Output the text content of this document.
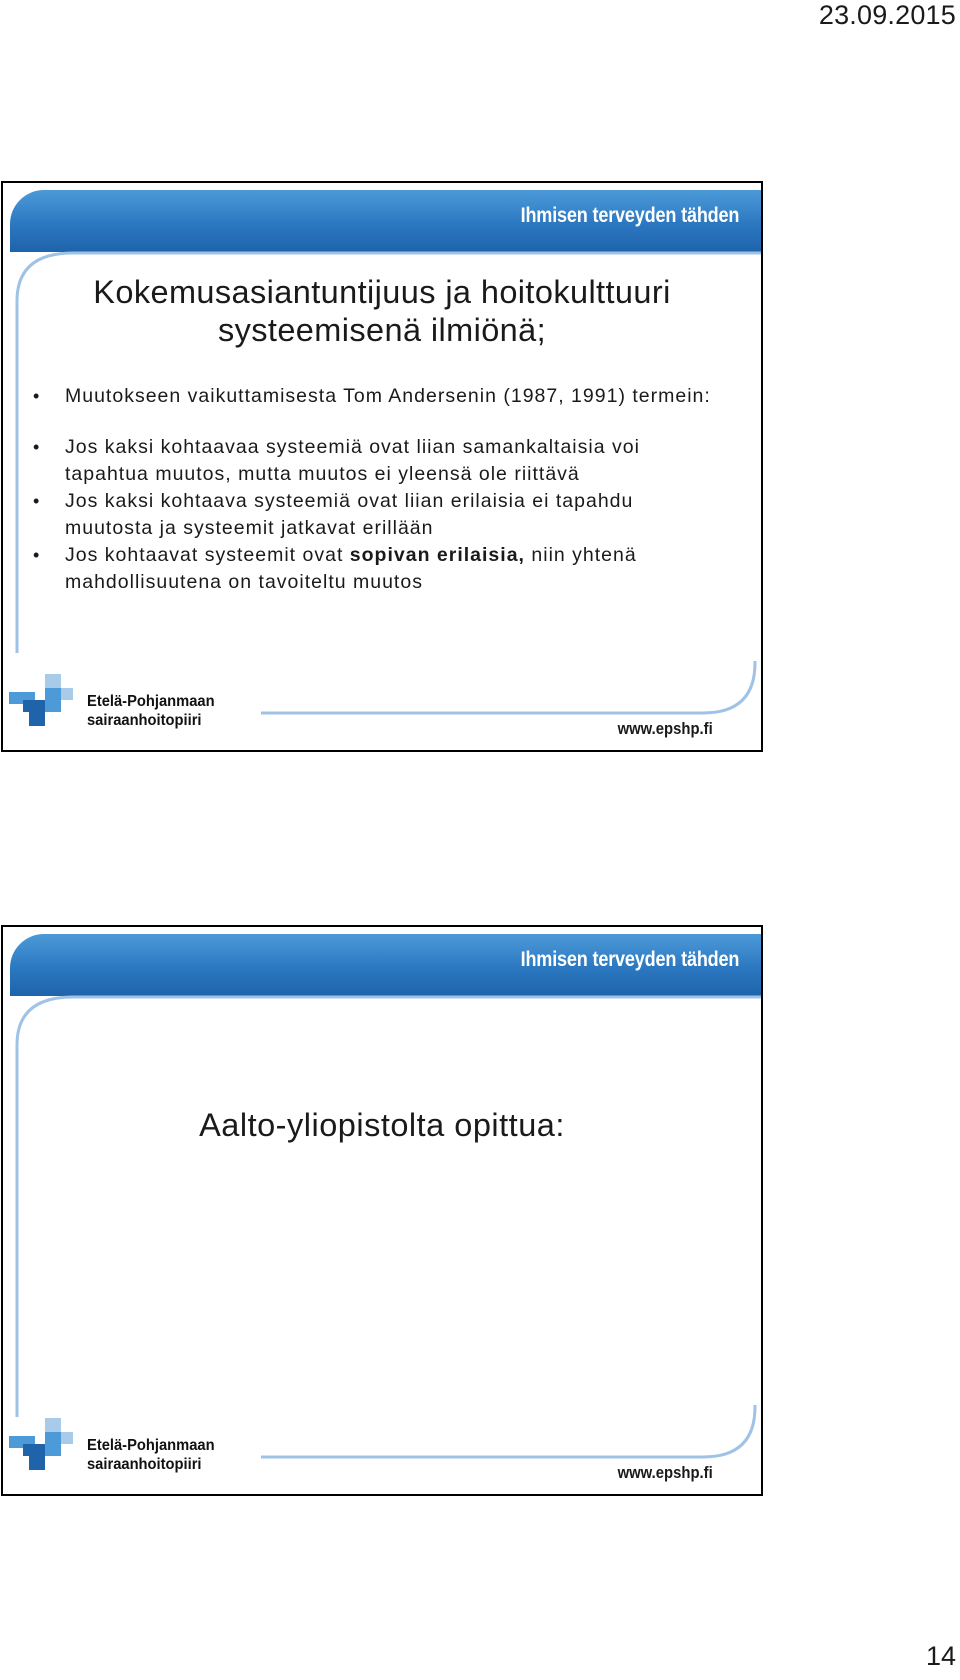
23.09.2015
Ihmisen terveyden tähden
Kokemusasiantuntijuus ja hoitokulttuuri
systeemisenä ilmiönä;
• Muutokseen vaikuttamisesta Tom Andersenin (1987, 1991) termein:
• Jos kaksi kohtaavaa systeemiä ovat liian samankaltaisia voi tapahtua muutos, mutta muutos ei yleensä ole riittävä
• Jos kaksi kohtaava systeemiä ovat liian erilaisia ei tapahdu muutosta ja systeemit jatkavat erillään
• Jos kohtaavat systeemit ovat sopivan erilaisia, niin yhtenä mahdollisuutena on tavoiteltu muutos
Etelä-Pohjanmaan
sairaanhoitopiiri	www.epshp.fi
Ihmisen terveyden tähden
Aalto-yliopistolta opittua:
Etelä-Pohjanmaan
sairaanhoitopiiri	www.epshp.fi
14
